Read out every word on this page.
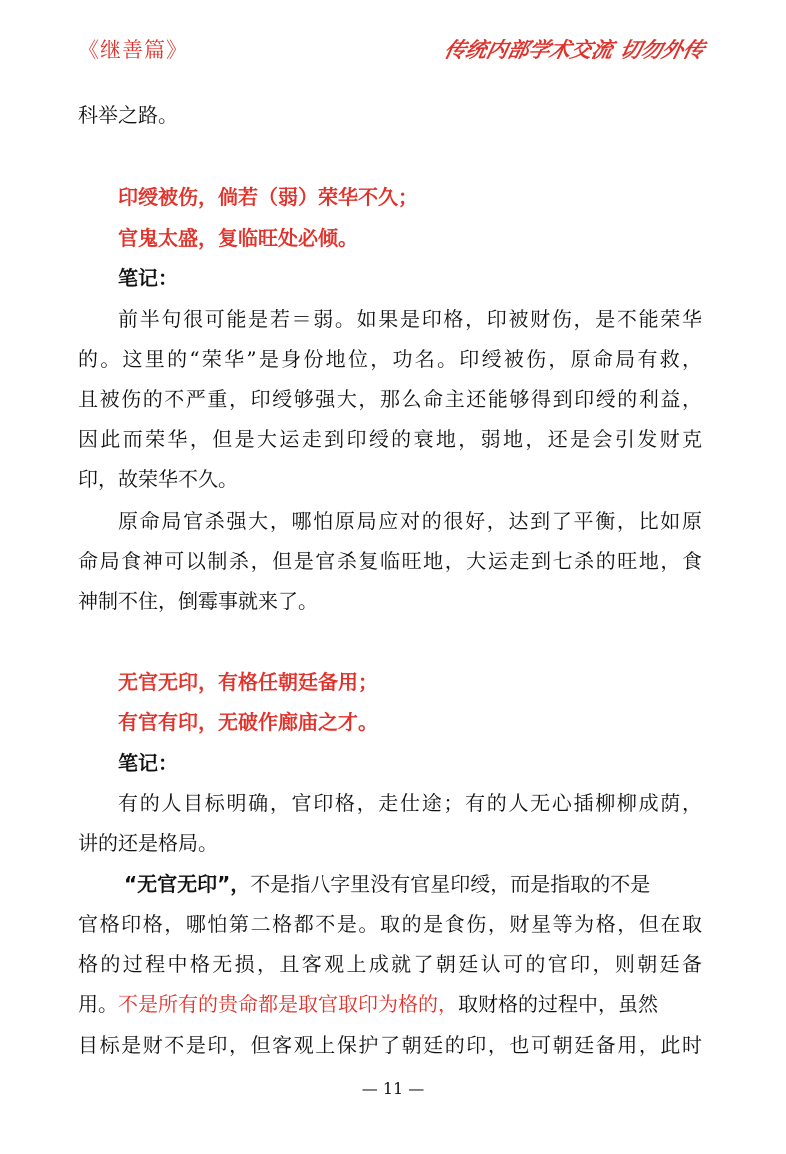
《继善篇》	传统内部学术交流 切勿外传
科举之路。
印绶被伤，倘若（弱）荣华不久；
官鬼太盛，复临旺处必倾。
笔记：
前半句很可能是若＝弱。如果是印格，印被财伤，是不能荣华
的。这里的“荣华”是身份地位，功名。印绶被伤，原命局有救，
且被伤的不严重，印绶够强大，那么命主还能够得到印绶的利益，
因此而荣华，但是大运走到印绶的衰地，弱地，还是会引发财克
印，故荣华不久。
原命局官杀强大，哪怕原局应对的很好，达到了平衡，比如原
命局食神可以制杀，但是官杀复临旺地，大运走到七杀的旺地，食
神制不住，倒霉事就来了。
无官无印，有格任朝廷备用；
有官有印，无破作廊庙之才。
笔记：
有的人目标明确，官印格，走仕途；有的人无心插柳柳成荫，
讲的还是格局。
“无官无印”，不是指八字里没有官星印绶，而是指取的不是
官格印格，哪怕第二格都不是。取的是食伤，财星等为格，但在取
格的过程中格无损，且客观上成就了朝廷认可的官印，则朝廷备
用。不是所有的贵命都是取官取印为格的，取财格的过程中，虽然
目标是财不是印，但客观上保护了朝廷的印，也可朝廷备用，此时
— 11 —
